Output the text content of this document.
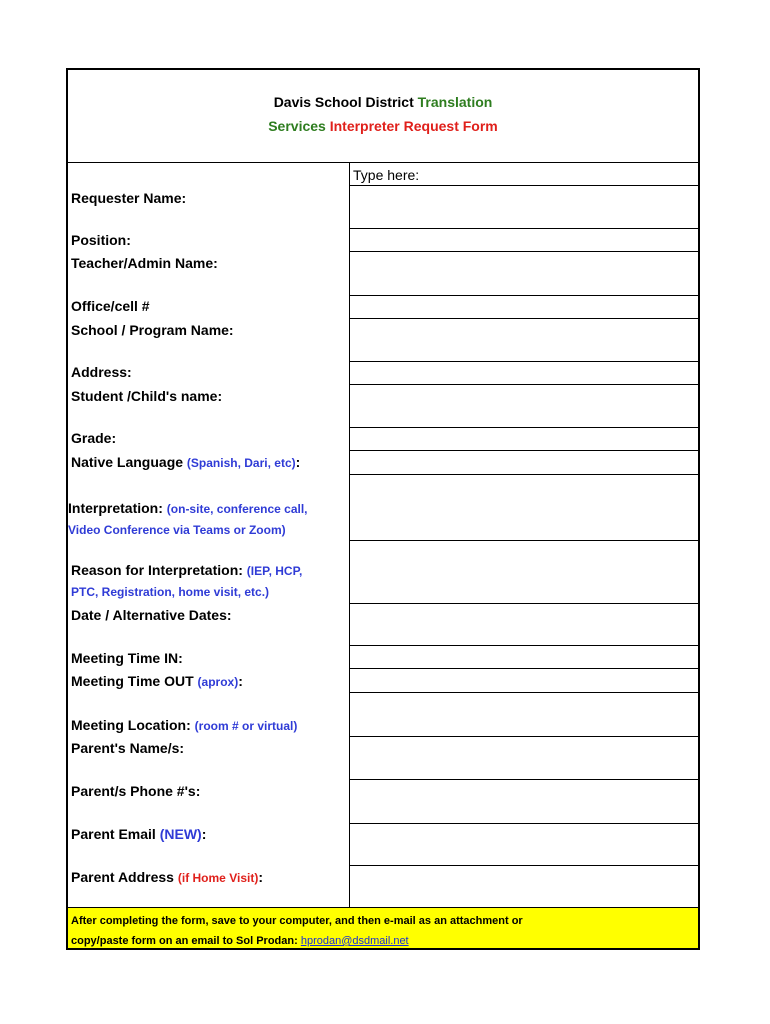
Davis School District Translation
Services Interpreter Request Form
Type here:
Requester Name:
Position:
Teacher/Admin Name:
Office/cell #
School / Program Name:
Address:
Student /Child's name:
Grade:
Native Language (Spanish, Dari, etc):
Interpretation: (on-site, conference call,
Video Conference via Teams or Zoom)
Reason for Interpretation: (IEP, HCP,
PTC, Registration, home visit, etc.)
Date / Alternative Dates:
Meeting Time IN:
Meeting Time OUT (aprox):
Meeting Location: (room # or virtual)
Parent's Name/s:
Parent/s Phone #'s:
Parent Email (NEW):
Parent Address (if Home Visit):
After completing the form, save to your computer, and then e-mail as an attachment or
copy/paste form on an email to Sol Prodan: hprodan@dsdmail.net
